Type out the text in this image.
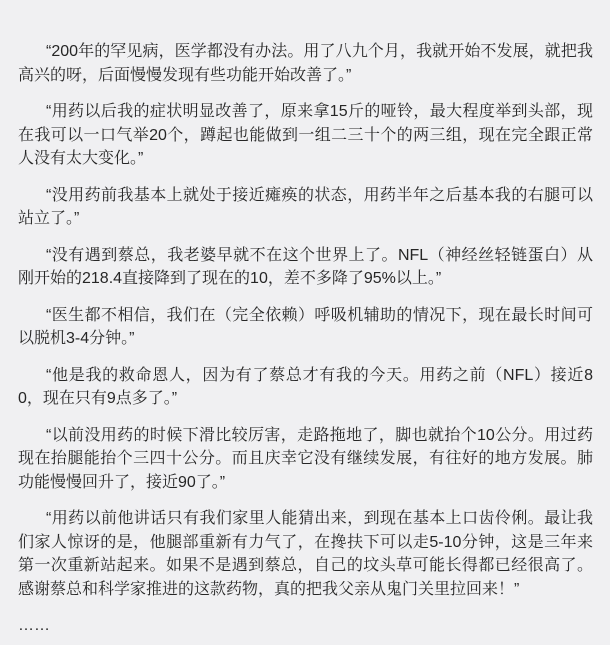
“200年的罕见病，医学都没有办法。用了八九个月，我就开始不发展，就把我高兴的呀，后面慢慢发现有些功能开始改善了。”

“用药以后我的症状明显改善了，原来拿15斤的哑铃，最大程度举到头部，现在我可以一口气举20个，蹲起也能做到一组二三十个的两三组，现在完全跟正常人没有太大变化。”

“没用药前我基本上就处于接近瘫痪的状态，用药半年之后基本我的右腿可以站立了。”

“没有遇到蔡总，我老婆早就不在这个世界上了。NFL（神经丝轻链蛋白）从刚开始的218.4直接降到了现在的10，差不多降了95%以上。”

“医生都不相信，我们在（完全依赖）呼吸机辅助的情况下，现在最长时间可以脱机3-4分钟。”

“他是我的救命恩人，因为有了蔡总才有我的今天。用药之前（NFL）接近80，现在只有9点多了。”

“以前没用药的时候下滑比较厉害，走路拖地了，脚也就抬个10公分。用过药现在抬腿能抬个三四十公分。而且庆幸它没有继续发展，有往好的地方发展。肺功能慢慢回升了，接近90了。”

“用药以前他讲话只有我们家里人能猜出来，到现在基本上口齿伶俐。最让我们家人惊讶的是，他腿部重新有力气了，在搀扶下可以走5-10分钟，这是三年来第一次重新站起来。如果不是遇到蔡总，自己的坟头草可能长得都已经很高了。感谢蔡总和科学家推进的这款药物，真的把我父亲从鬼门关里拉回来！”

……
